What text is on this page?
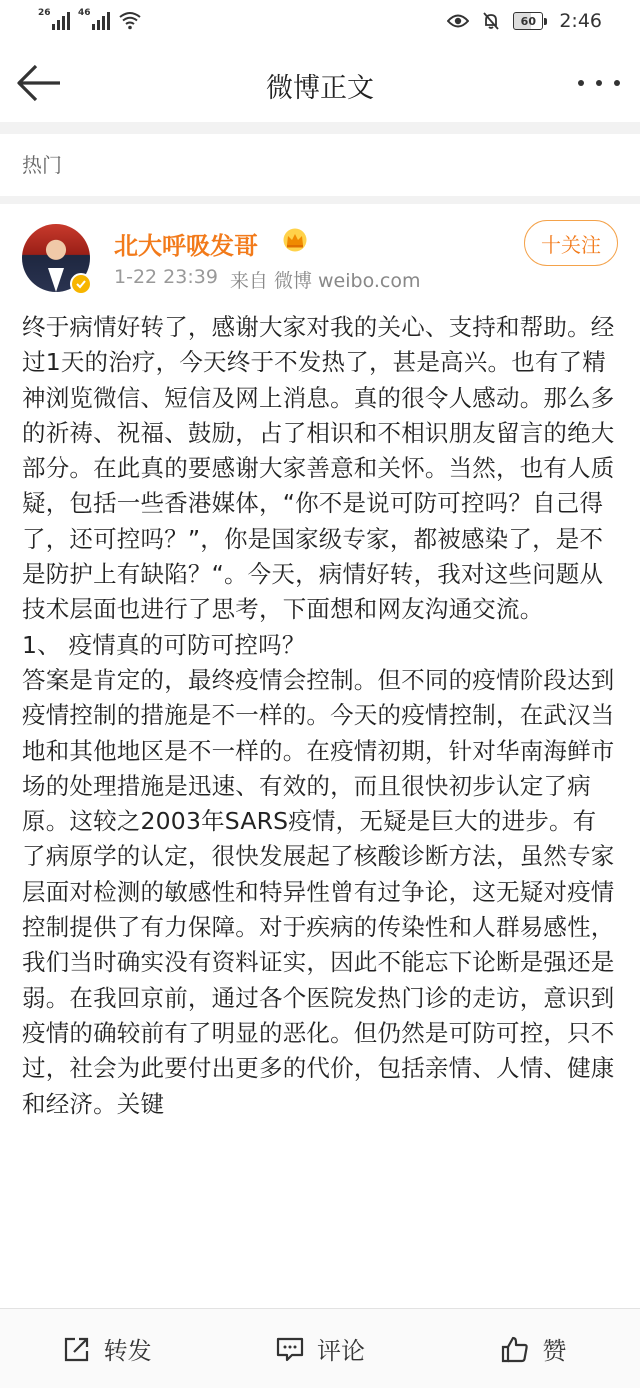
26	46
60	2:46
微博正文
热门
北大呼吸发哥
1-22 23:39 来自 微博 weibo.com
十关注
终于病情好转了，感谢大家对我的关心、支持和帮助。经过1天的治疗，今天终于不发热了，甚是高兴。也有了精神浏览微信、短信及网上消息。真的很令人感动。那么多的祈祷、祝福、鼓励，占了相识和不相识朋友留言的绝大部分。在此真的要感谢大家善意和关怀。当然，也有人质疑，包括一些香港媒体，“你不是说可防可控吗？自己得了，还可控吗？”，你是国家级专家，都被感染了，是不是防护上有缺陷？“。今天，病情好转，我对这些问题从技术层面也进行了思考，下面想和网友沟通交流。
1、 疫情真的可防可控吗？
答案是肯定的，最终疫情会控制。但不同的疫情阶段达到疫情控制的措施是不一样的。今天的疫情控制，在武汉当地和其他地区是不一样的。在疫情初期，针对华南海鲜市场的处理措施是迅速、有效的，而且很快初步认定了病原。这较之2003年SARS疫情，无疑是巨大的进步。有了病原学的认定，很快发展起了核酸诊断方法，虽然专家层面对检测的敏感性和特异性曾有过争论，这无疑对疫情控制提供了有力保障。对于疾病的传染性和人群易感性，我们当时确实没有资料证实，因此不能忘下论断是强还是弱。在我回京前，通过各个医院发热门诊的走访，意识到疫情的确较前有了明显的恶化。但仍然是可防可控，只不过，社会为此要付出更多的代价，包括亲情、人情、健康和经济。关键
转发	评论	赞
